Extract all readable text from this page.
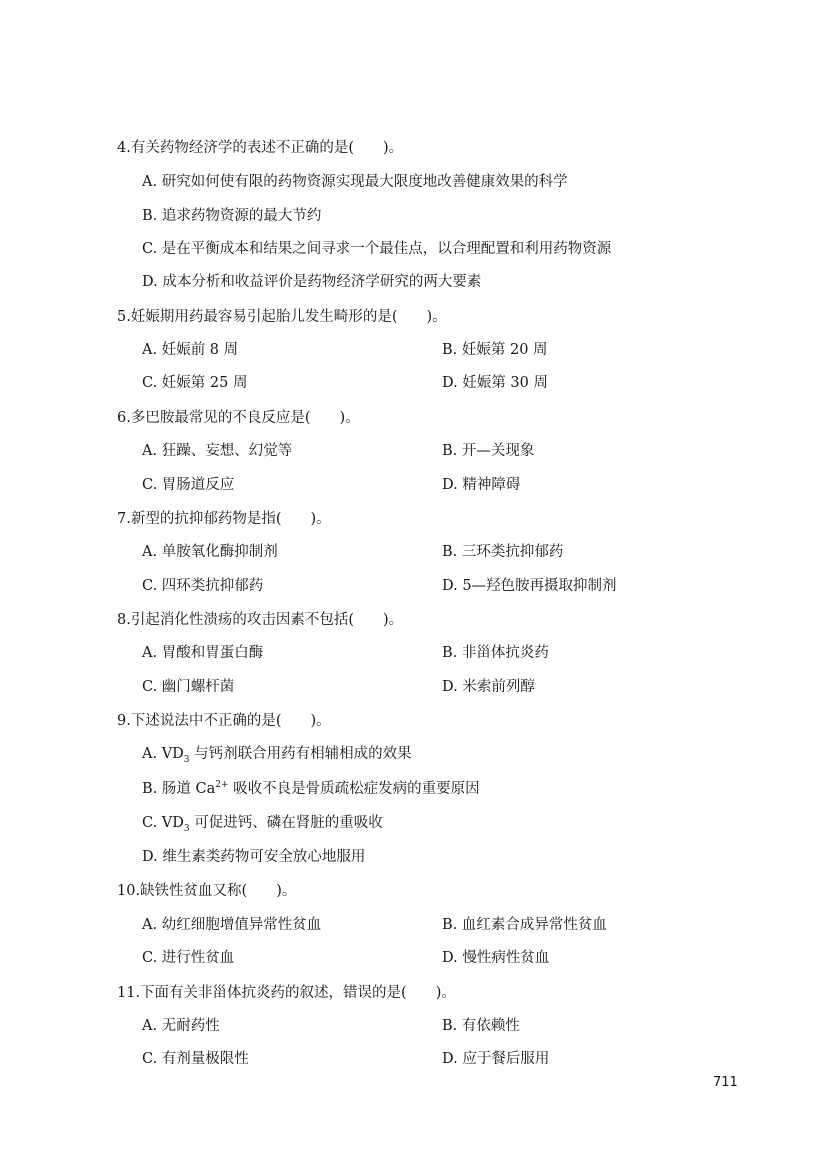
4.有关药物经济学的表述不正确的是(　　)。
A. 研究如何使有限的药物资源实现最大限度地改善健康效果的科学
B. 追求药物资源的最大节约
C. 是在平衡成本和结果之间寻求一个最佳点，以合理配置和利用药物资源
D. 成本分析和收益评价是药物经济学研究的两大要素
5.妊娠期用药最容易引起胎儿发生畸形的是(　　)。
A. 妊娠前 8 周	B. 妊娠第 20 周
C. 妊娠第 25 周	D. 妊娠第 30 周
6.多巴胺最常见的不良反应是(　　)。
A. 狂躁、妄想、幻觉等	B. 开—关现象
C. 胃肠道反应	D. 精神障碍
7.新型的抗抑郁药物是指(　　)。
A. 单胺氧化酶抑制剂	B. 三环类抗抑郁药
C. 四环类抗抑郁药	D. 5—羟色胺再摄取抑制剂
8.引起消化性溃疡的攻击因素不包括(　　)。
A. 胃酸和胃蛋白酶	B. 非甾体抗炎药
C. 幽门螺杆菌	D. 米索前列醇
9.下述说法中不正确的是(　　)。
A. $VD_3$ 与钙剂联合用药有相辅相成的效果
B. 肠道 $Ca^{2+}$ 吸收不良是骨质疏松症发病的重要原因
C. $VD_3$ 可促进钙、磷在肾脏的重吸收
D. 维生素类药物可安全放心地服用
10.缺铁性贫血又称(　　)。
A. 幼红细胞增值异常性贫血	B. 血红素合成异常性贫血
C. 进行性贫血	D. 慢性病性贫血
11.下面有关非甾体抗炎药的叙述，错误的是(　　)。
A. 无耐药性	B. 有依赖性
C. 有剂量极限性	D. 应于餐后服用
711
